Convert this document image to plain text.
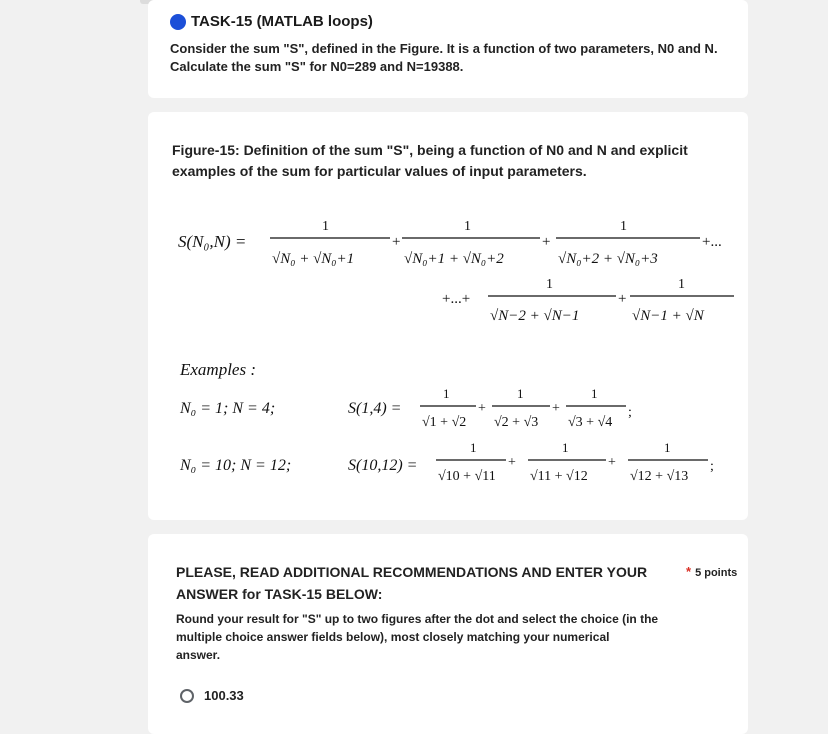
TASK-15 (MATLAB loops)
Consider the sum "S", defined in the Figure. It is a function of two parameters, N0 and N.
Calculate the sum "S" for N0=289 and N=19388.
Figure-15: Definition of the sum "S", being a function of N0 and N and explicit
examples of the sum for particular values of input parameters.
S(N₀,N) =
1
√N₀ + √N₀+1
+
1
√N₀+1 + √N₀+2
+
1
√N₀+2 + √N₀+3
+...
+...+
1
√N−2 + √N−1
+
1
√N−1 + √N
Examples :
N₀ = 1; N = 4;	S(1,4) =
1
√1 + √2
+
1
√2 + √3
+
1
√3 + √4
;
N₀ = 10; N = 12;	S(10,12) =
1
√10 + √11
+
1
√11 + √12
+
1
√12 + √13
;
PLEASE, READ ADDITIONAL RECOMMENDATIONS AND ENTER YOUR
ANSWER for TASK-15 BELOW:
* 5 points
Round your result for "S" up to two figures after the dot and select the choice (in the
multiple choice answer fields below), most closely matching your numerical
answer.
100.33
